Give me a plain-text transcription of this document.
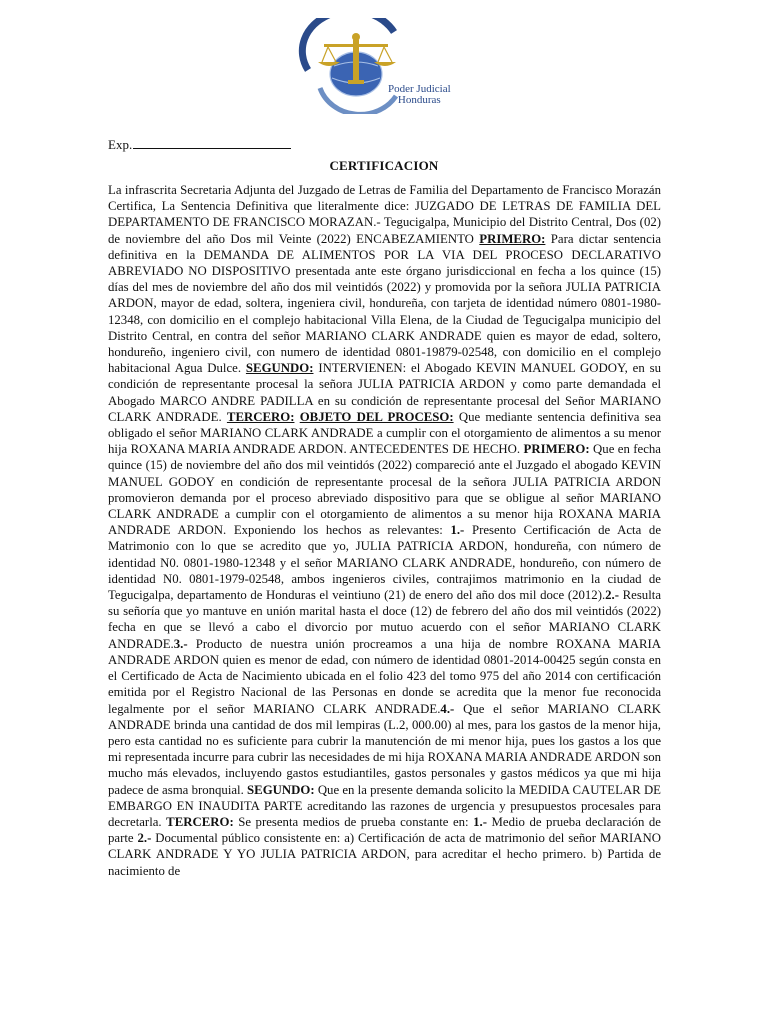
Poder Judicial
Honduras
Exp.
CERTIFICACION
La infrascrita Secretaria Adjunta del Juzgado de Letras de Familia del Departamento de Francisco Morazán Certifica, La Sentencia Definitiva que literalmente dice: JUZGADO DE LETRAS DE FAMILIA DEL DEPARTAMENTO DE FRANCISCO MORAZAN.- Tegucigalpa, Municipio del Distrito Central, Dos (02) de noviembre del año Dos mil Veinte (2022) ENCABEZAMIENTO PRIMERO: Para dictar sentencia definitiva en la DEMANDA DE ALIMENTOS POR LA VIA DEL PROCESO DECLARATIVO ABREVIADO NO DISPOSITIVO presentada ante este órgano jurisdiccional en fecha a los quince (15) días del mes de noviembre del año dos mil veintidós (2022) y promovida por la señora JULIA PATRICIA ARDON, mayor de edad, soltera, ingeniera civil, hondureña, con tarjeta de identidad número 0801-1980-12348, con domicilio en el complejo habitacional Villa Elena, de la Ciudad de Tegucigalpa municipio del Distrito Central, en contra del señor MARIANO CLARK ANDRADE quien es mayor de edad, soltero, hondureño, ingeniero civil, con numero de identidad 0801-19879-02548, con domicilio en el complejo habitacional Agua Dulce. SEGUNDO: INTERVIENEN: el Abogado KEVIN MANUEL GODOY, en su condición de representante procesal la señora JULIA PATRICIA ARDON y como parte demandada el Abogado MARCO ANDRE PADILLA en su condición de representante procesal del Señor MARIANO CLARK ANDRADE. TERCERO: OBJETO DEL PROCESO: Que mediante sentencia definitiva sea obligado el señor MARIANO CLARK ANDRADE a cumplir con el otorgamiento de alimentos a su menor hija ROXANA MARIA ANDRADE ARDON. ANTECEDENTES DE HECHO. PRIMERO: Que en fecha quince (15) de noviembre del año dos mil veintidós (2022) compareció ante el Juzgado el abogado KEVIN MANUEL GODOY en condición de representante procesal de la señora JULIA PATRICIA ARDON promovieron demanda por el proceso abreviado dispositivo para que se obligue al señor MARIANO CLARK ANDRADE a cumplir con el otorgamiento de alimentos a su menor hija ROXANA MARIA ANDRADE ARDON. Exponiendo los hechos as relevantes: 1.- Presento Certificación de Acta de Matrimonio con lo que se acredito que yo, JULIA PATRICIA ARDON, hondureña, con número de identidad N0. 0801-1980-12348 y el señor MARIANO CLARK ANDRADE, hondureño, con número de identidad N0. 0801-1979-02548, ambos ingenieros civiles, contrajimos matrimonio en la ciudad de Tegucigalpa, departamento de Honduras el veintiuno (21) de enero del año dos mil doce (2012).2.- Resulta su señoría que yo mantuve en unión marital hasta el doce (12) de febrero del año dos mil veintidós (2022) fecha en que se llevó a cabo el divorcio por mutuo acuerdo con el señor MARIANO CLARK ANDRADE.3.- Producto de nuestra unión procreamos a una hija de nombre ROXANA MARIA ANDRADE ARDON quien es menor de edad, con número de identidad 0801-2014-00425 según consta en el Certificado de Acta de Nacimiento ubicada en el folio 423 del tomo 975 del año 2014 con certificación emitida por el Registro Nacional de las Personas en donde se acredita que la menor fue reconocida legalmente por el señor MARIANO CLARK ANDRADE.4.- Que el señor MARIANO CLARK ANDRADE brinda una cantidad de dos mil lempiras (L.2, 000.00) al mes, para los gastos de la menor hija, pero esta cantidad no es suficiente para cubrir la manutención de mi menor hija, pues los gastos a los que mi representada incurre para cubrir las necesidades de mi hija ROXANA MARIA ANDRADE ARDON son mucho más elevados, incluyendo gastos estudiantiles, gastos personales y gastos médicos ya que mi hija padece de asma bronquial. SEGUNDO: Que en la presente demanda solicito la MEDIDA CAUTELAR DE EMBARGO EN INAUDITA PARTE acreditando las razones de urgencia y presupuestos procesales para decretarla. TERCERO: Se presenta medios de prueba constante en: 1.- Medio de prueba declaración de parte 2.- Documental público consistente en: a) Certificación de acta de matrimonio del señor MARIANO CLARK ANDRADE Y YO JULIA PATRICIA ARDON, para acreditar el hecho primero. b) Partida de nacimiento de
